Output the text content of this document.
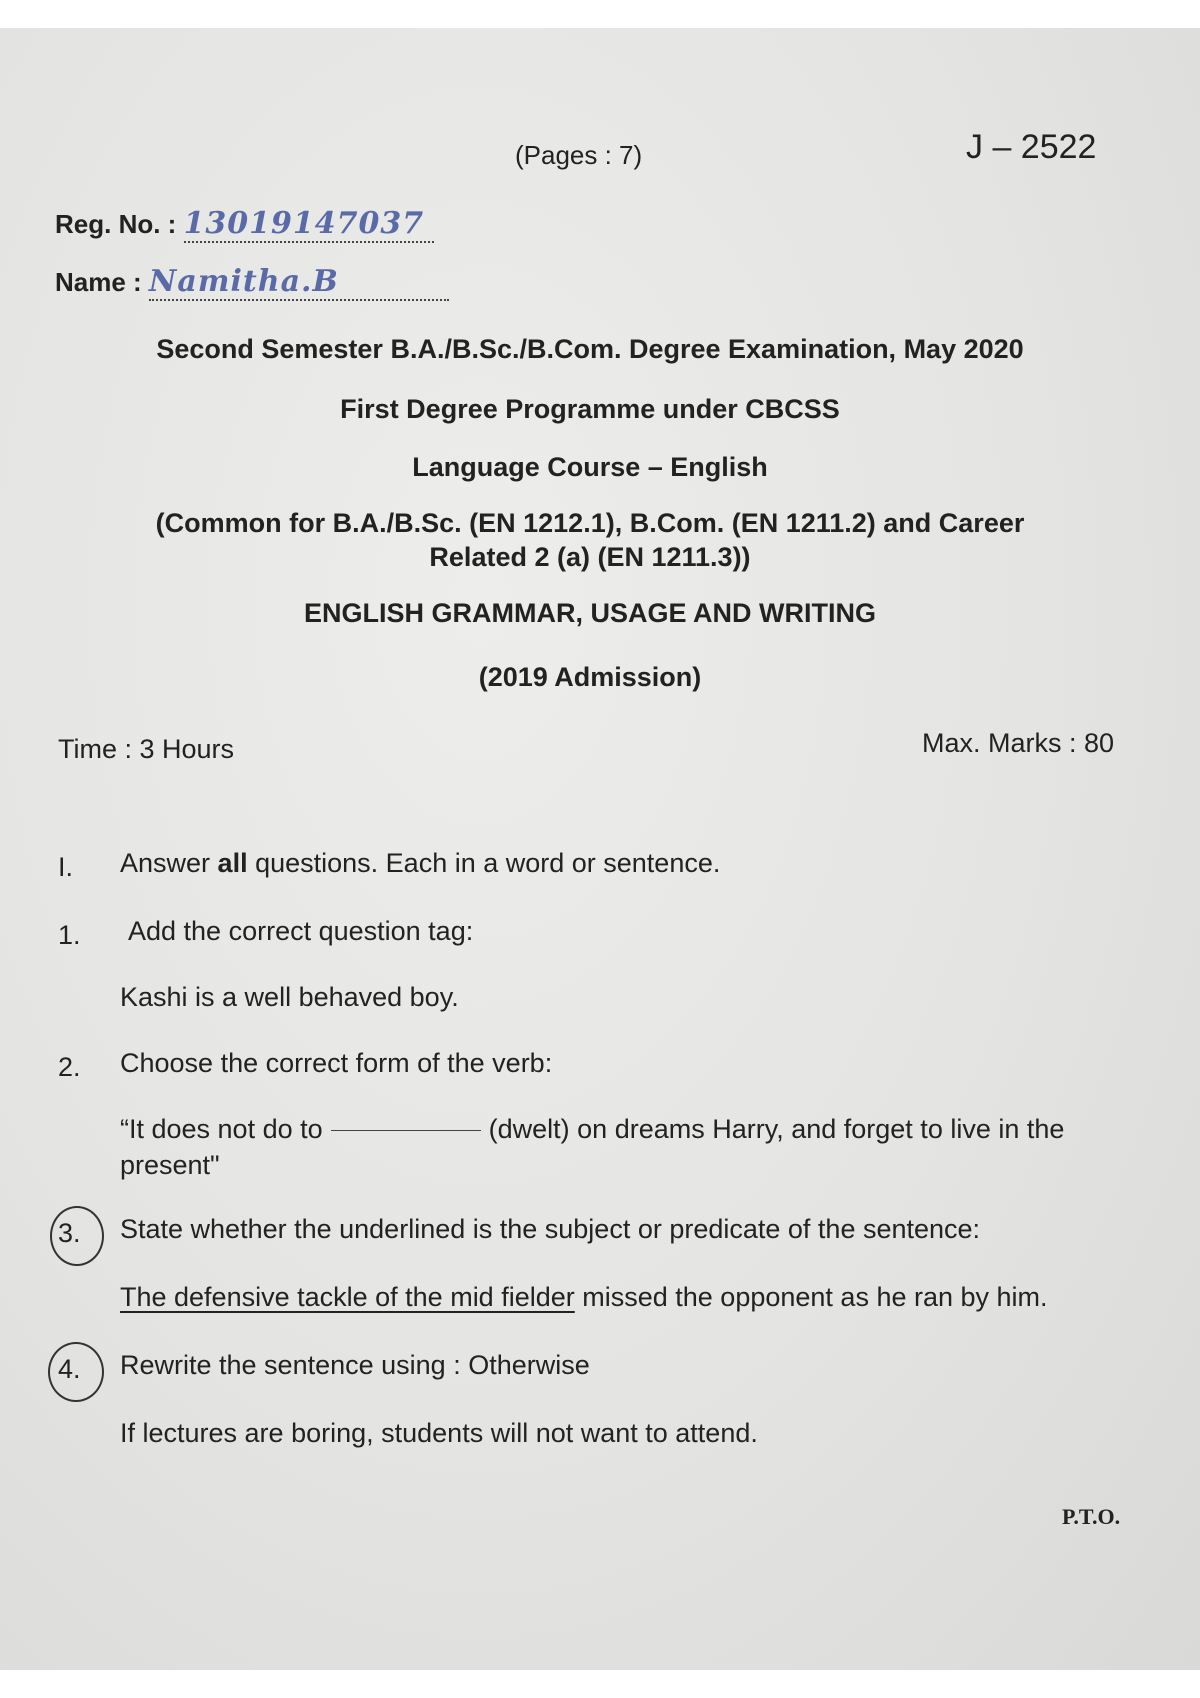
(Pages : 7)	J – 2522
Reg. No. : 13019147037
Name : Namitha.B
Second Semester B.A./B.Sc./B.Com. Degree Examination, May 2020
First Degree Programme under CBCSS
Language Course – English
(Common for B.A./B.Sc. (EN 1212.1), B.Com. (EN 1211.2) and Career
Related 2 (a) (EN 1211.3))
ENGLISH GRAMMAR, USAGE AND WRITING
(2019 Admission)
Time : 3 Hours	Max. Marks : 80
I. Answer all questions. Each in a word or sentence.
1. Add the correct question tag:
Kashi is a well behaved boy.
2. Choose the correct form of the verb:
“It does not do to	(dwelt) on dreams Harry, and forget to live in the
present"
3. State whether the underlined is the subject or predicate of the sentence:
The defensive tackle of the mid fielder missed the opponent as he ran by him.
4. Rewrite the sentence using : Otherwise
If lectures are boring, students will not want to attend.
P.T.O.
